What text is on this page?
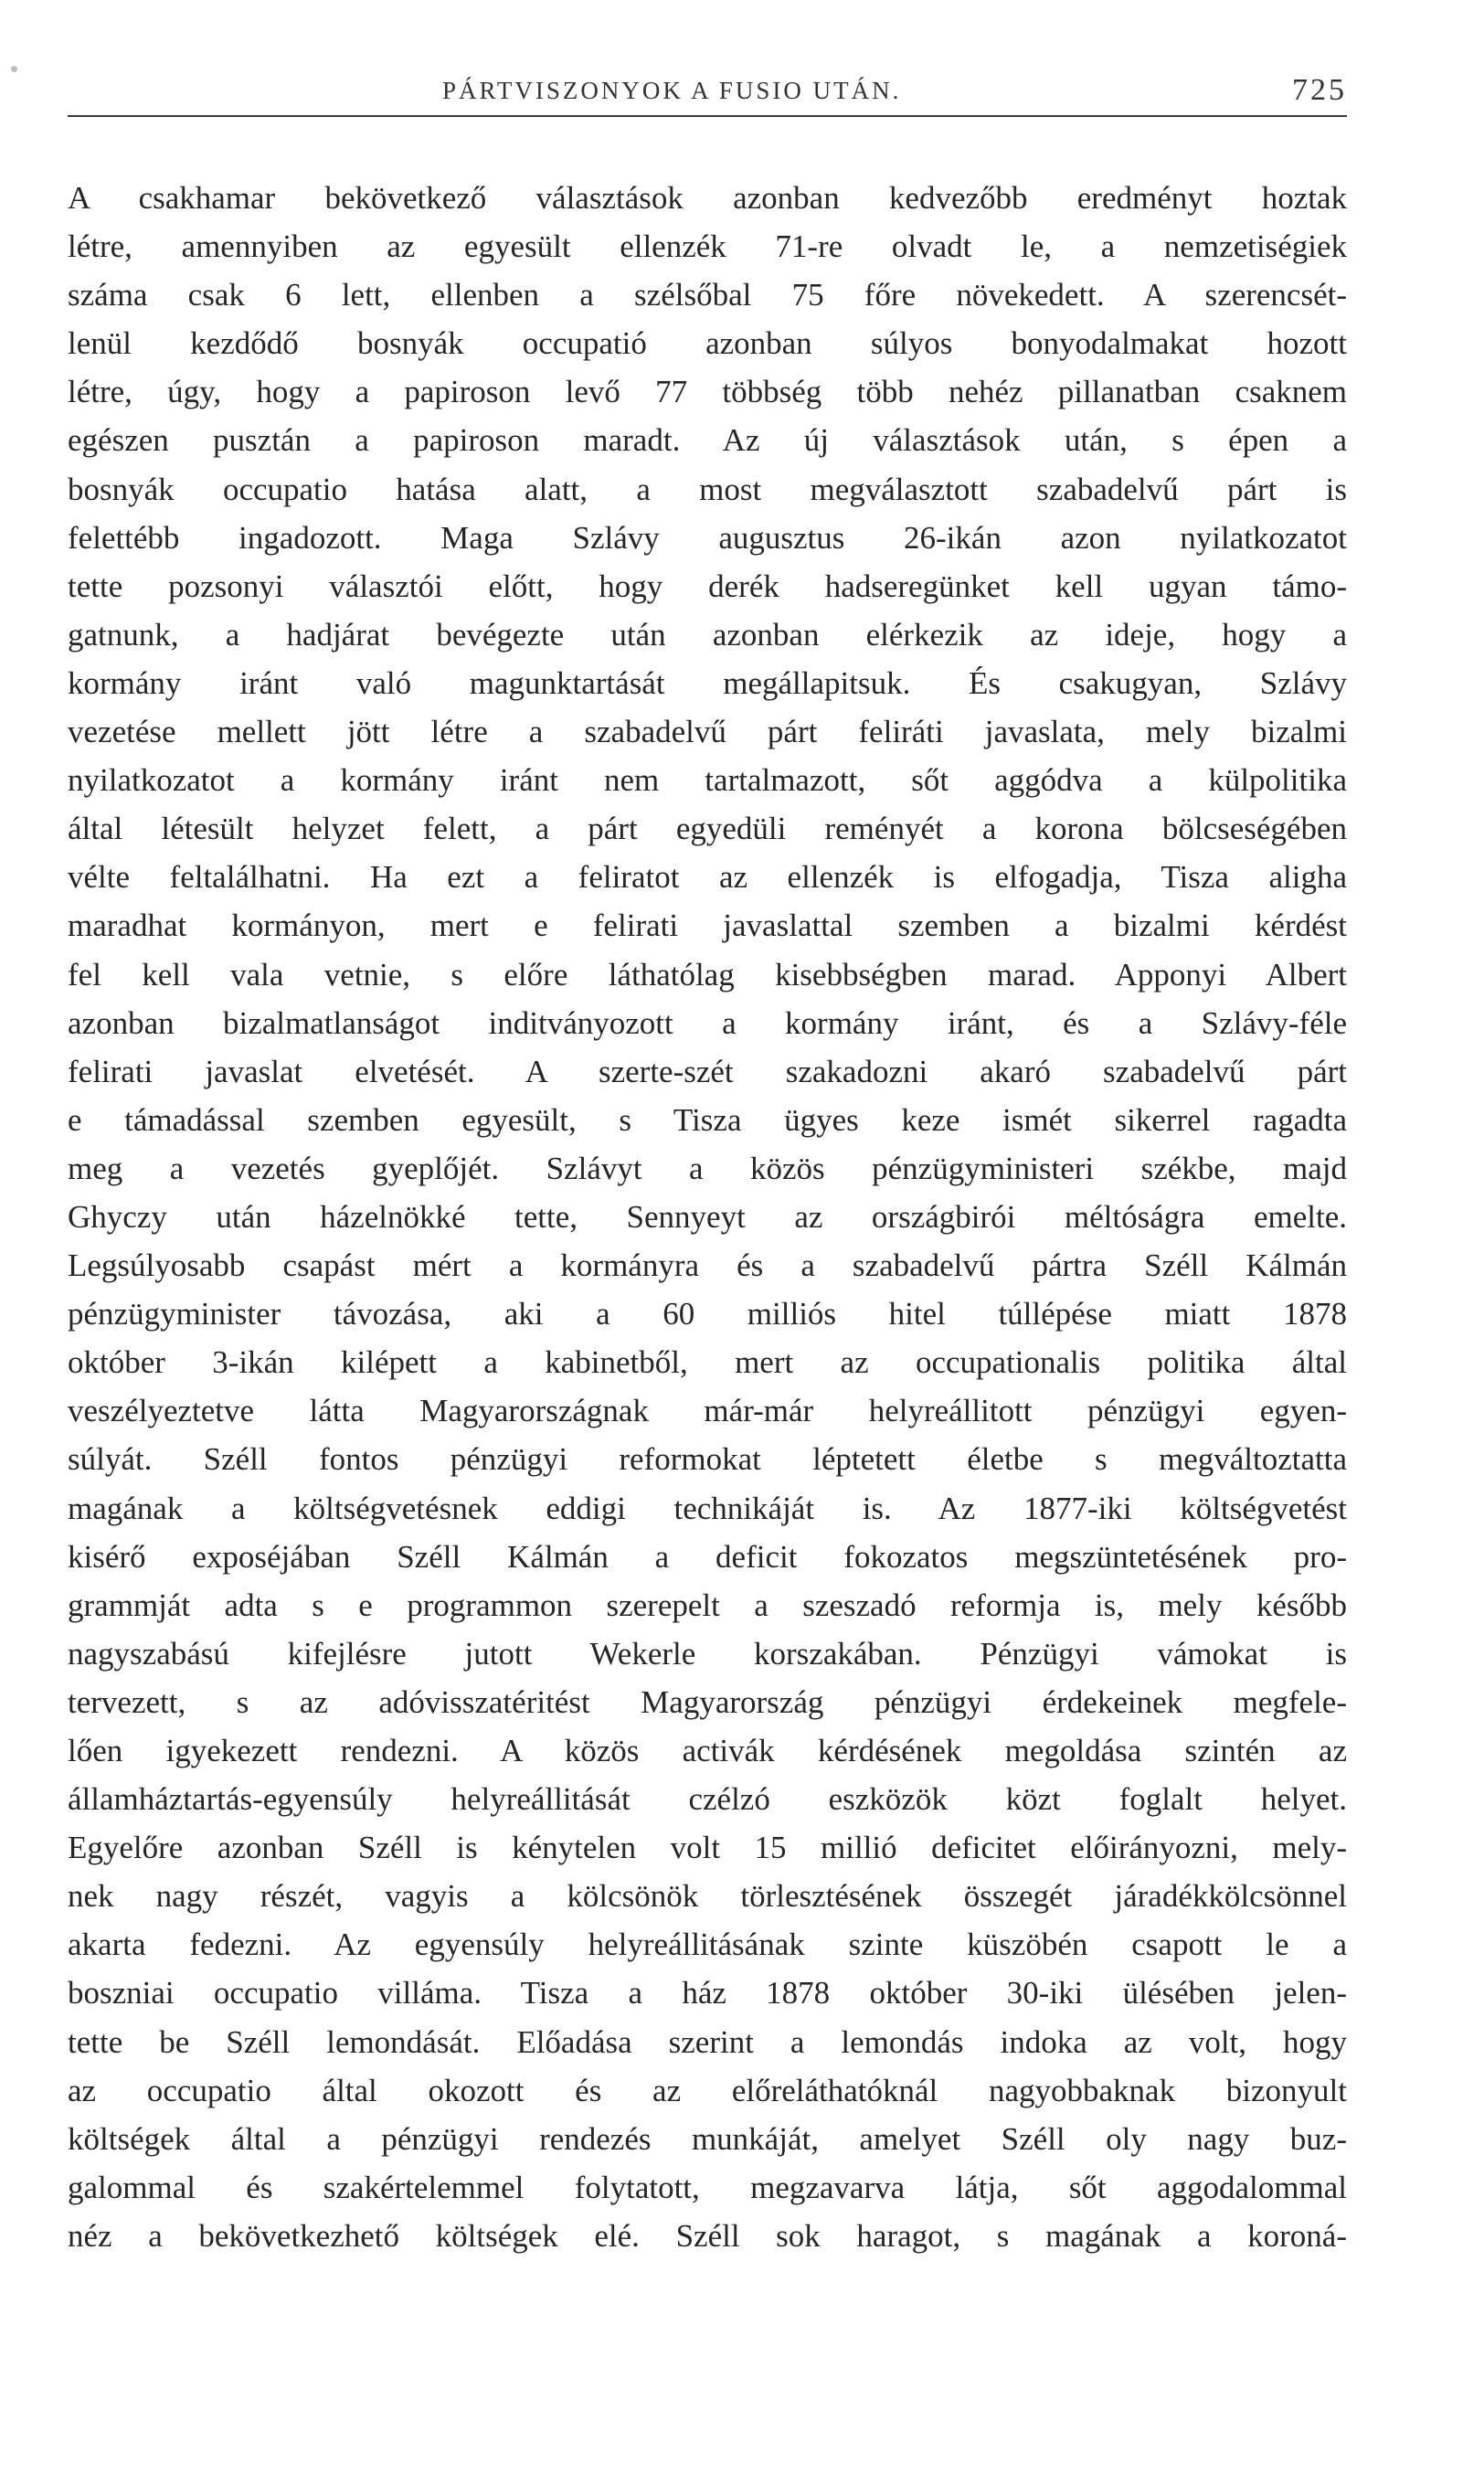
PÁRTVISZONYOK A FUSIO UTÁN.	725
A csakhamar bekövetkező választások azonban kedvezőbb eredményt hoztak
létre, amennyiben az egyesült ellenzék 71-re olvadt le, a nemzetiségiek
száma csak 6 lett, ellenben a szélsőbal 75 főre növekedett. A szerencsét-
lenül kezdődő bosnyák occupatió azonban súlyos bonyodalmakat hozott
létre, úgy, hogy a papiroson levő 77 többség több nehéz pillanatban csaknem
egészen pusztán a papiroson maradt. Az új választások után, s épen a
bosnyák occupatio hatása alatt, a most megválasztott szabadelvű párt is
felettébb ingadozott. Maga Szlávy augusztus 26-ikán azon nyilatkozatot
tette pozsonyi választói előtt, hogy derék hadseregünket kell ugyan támo-
gatnunk, a hadjárat bevégezte után azonban elérkezik az ideje, hogy a
kormány iránt való magunktartását megállapitsuk. És csakugyan, Szlávy
vezetése mellett jött létre a szabadelvű párt feliráti javaslata, mely bizalmi
nyilatkozatot a kormány iránt nem tartalmazott, sőt aggódva a külpolitika
által létesült helyzet felett, a párt egyedüli reményét a korona bölcseségében
vélte feltalálhatni. Ha ezt a feliratot az ellenzék is elfogadja, Tisza aligha
maradhat kormányon, mert e felirati javaslattal szemben a bizalmi kérdést
fel kell vala vetnie, s előre láthatólag kisebbségben marad. Apponyi Albert
azonban bizalmatlanságot inditványozott a kormány iránt, és a Szlávy-féle
felirati javaslat elvetését. A szerte-szét szakadozni akaró szabadelvű párt
e támadással szemben egyesült, s Tisza ügyes keze ismét sikerrel ragadta
meg a vezetés gyeplőjét. Szlávyt a közös pénzügyministeri székbe, majd
Ghyczy után házelnökké tette, Sennyeyt az országbirói méltóságra emelte.
Legsúlyosabb csapást mért a kormányra és a szabadelvű pártra Széll Kálmán
pénzügyminister távozása, aki a 60 milliós hitel túllépése miatt 1878
október 3-ikán kilépett a kabinetből, mert az occupationalis politika által
veszélyeztetve látta Magyarországnak már-már helyreállitott pénzügyi egyen-
súlyát. Széll fontos pénzügyi reformokat léptetett életbe s megváltoztatta
magának a költségvetésnek eddigi technikáját is. Az 1877-iki költségvetést
kisérő exposéjában Széll Kálmán a deficit fokozatos megszüntetésének pro-
grammját adta s e programmon szerepelt a szeszadó reformja is, mely később
nagyszabású kifejlésre jutott Wekerle korszakában. Pénzügyi vámokat is
tervezett, s az adóvisszatéritést Magyarország pénzügyi érdekeinek megfele-
lően igyekezett rendezni. A közös activák kérdésének megoldása szintén az
államháztartás-egyensúly helyreállitását czélzó eszközök közt foglalt helyet.
Egyelőre azonban Széll is kénytelen volt 15 millió deficitet előirányozni, mely-
nek nagy részét, vagyis a kölcsönök törlesztésének összegét járadékkölcsönnel
akarta fedezni. Az egyensúly helyreállitásának szinte küszöbén csapott le a
boszniai occupatio villáma. Tisza a ház 1878 október 30-iki ülésében jelen-
tette be Széll lemondását. Előadása szerint a lemondás indoka az volt, hogy
az occupatio által okozott és az előreláthatóknál nagyobbaknak bizonyult
költségek által a pénzügyi rendezés munkáját, amelyet Széll oly nagy buz-
galommal és szakértelemmel folytatott, megzavarva látja, sőt aggodalommal
néz a bekövetkezhető költségek elé. Széll sok haragot, s magának a koroná-
